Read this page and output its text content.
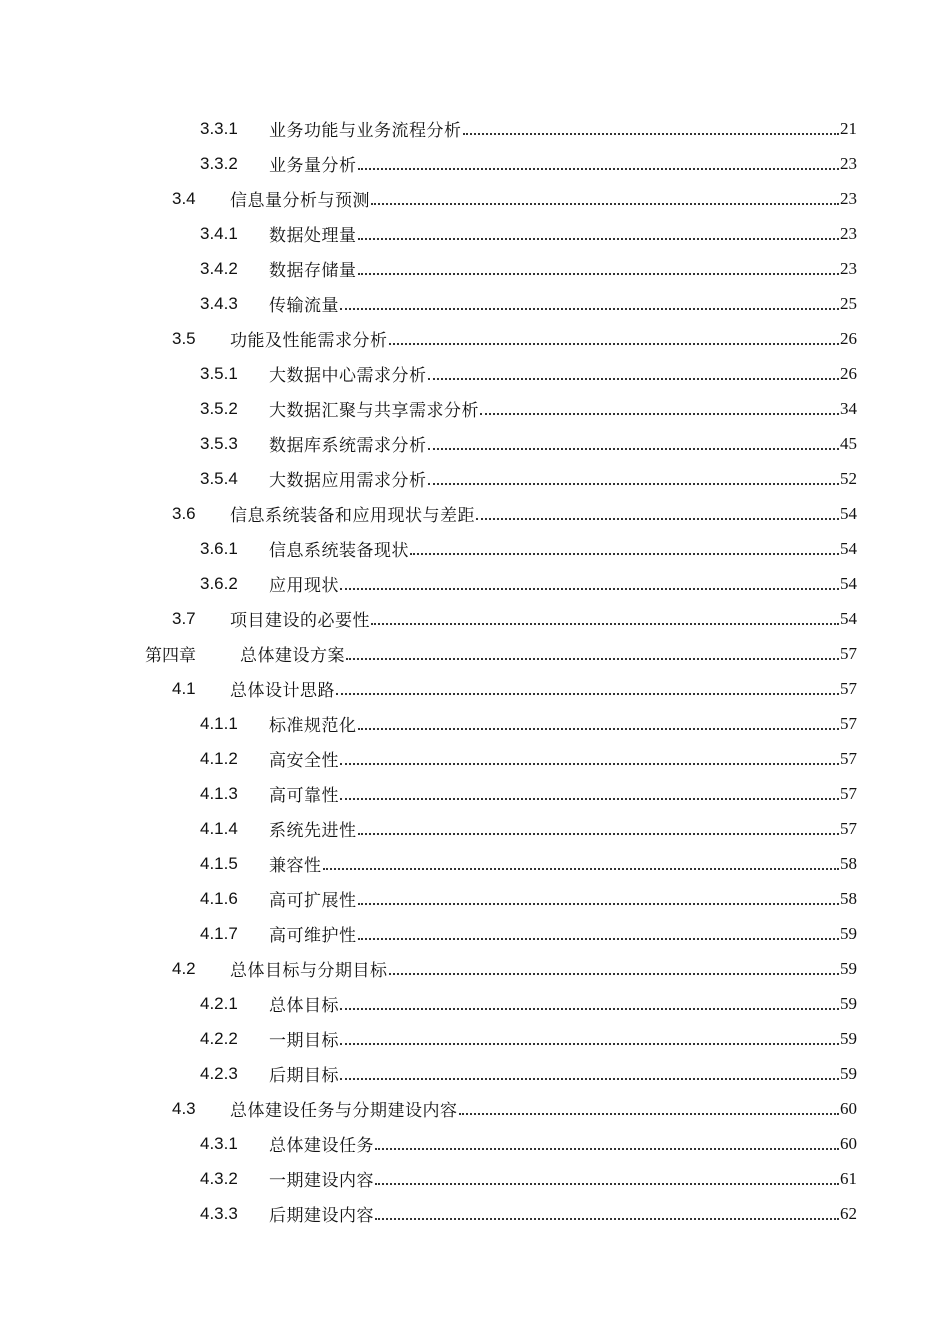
3.3.1	业务功能与业务流程分析	21
3.3.2	业务量分析	23
3.4	信息量分析与预测	23
3.4.1	数据处理量	23
3.4.2	数据存储量	23
3.4.3	传输流量	25
3.5	功能及性能需求分析	26
3.5.1	大数据中心需求分析	26
3.5.2	大数据汇聚与共享需求分析	34
3.5.3	数据库系统需求分析	45
3.5.4	大数据应用需求分析	52
3.6	信息系统装备和应用现状与差距	54
3.6.1	信息系统装备现状	54
3.6.2	应用现状	54
3.7	项目建设的必要性	54
第四章	总体建设方案	57
4.1	总体设计思路	57
4.1.1	标准规范化	57
4.1.2	高安全性	57
4.1.3	高可靠性	57
4.1.4	系统先进性	57
4.1.5	兼容性	58
4.1.6	高可扩展性	58
4.1.7	高可维护性	59
4.2	总体目标与分期目标	59
4.2.1	总体目标	59
4.2.2	一期目标	59
4.2.3	后期目标	59
4.3	总体建设任务与分期建设内容	60
4.3.1	总体建设任务	60
4.3.2	一期建设内容	61
4.3.3	后期建设内容	62
